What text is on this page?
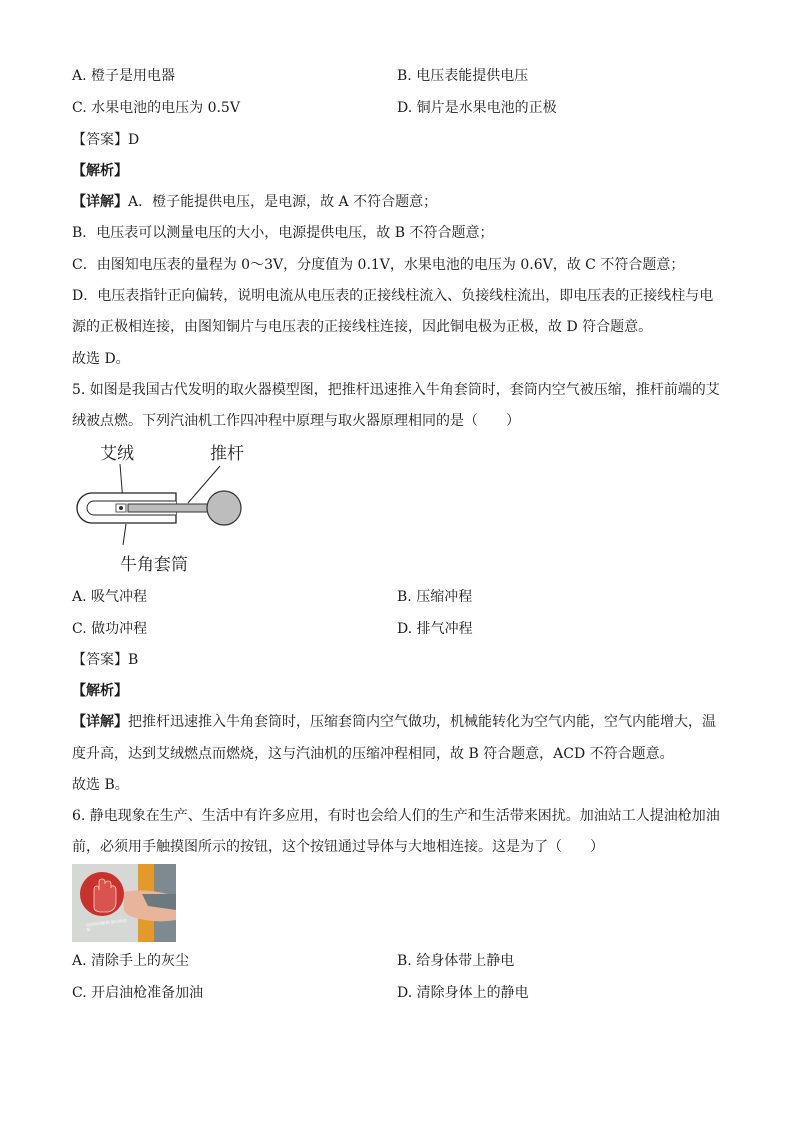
A. 橙子是用电器	B. 电压表能提供电压
C. 水果电池的电压为 0.5V	D. 铜片是水果电池的正极
【答案】D
【解析】
【详解】A．橙子能提供电压，是电源，故 A 不符合题意；
B．电压表可以测量电压的大小，电源提供电压，故 B 不符合题意；
C．由图知电压表的量程为 0～3V，分度值为 0.1V，水果电池的电压为 0.6V，故 C 不符合题意；
D．电压表指针正向偏转，说明电流从电压表的正接线柱流入、负接线柱流出，即电压表的正接线柱与电
源的正极相连接，由图知铜片与电压表的正接线柱连接，因此铜电极为正极，故 D 符合题意。
故选 D。
5. 如图是我国古代发明的取火器模型图，把推杆迅速推入牛角套筒时，套筒内空气被压缩，推杆前端的艾
绒被点燃。下列汽油机工作四冲程中原理与取火器原理相同的是（　　）
艾绒	推杆
牛角套筒
A. 吸气冲程	B. 压缩冲程
C. 做功冲程	D. 排气冲程
【答案】B
【解析】
【详解】把推杆迅速推入牛角套筒时，压缩套筒内空气做功，机械能转化为空气内能，空气内能增大，温
度升高，达到艾绒燃点而燃烧，这与汽油机的压缩冲程相同，故 B 符合题意，ACD 不符合题意。
故选 B。
6. 静电现象在生产、生活中有许多应用，有时也会给人们的生产和生活带来困扰。加油站工人提油枪加油
前，必须用手触摸图所示的按钮，这个按钮通过导体与大地相连接。这是为了（　　）
加油前请触摸 静电释放器
A. 清除手上的灰尘	B. 给身体带上静电
C. 开启油枪准备加油	D. 清除身体上的静电
